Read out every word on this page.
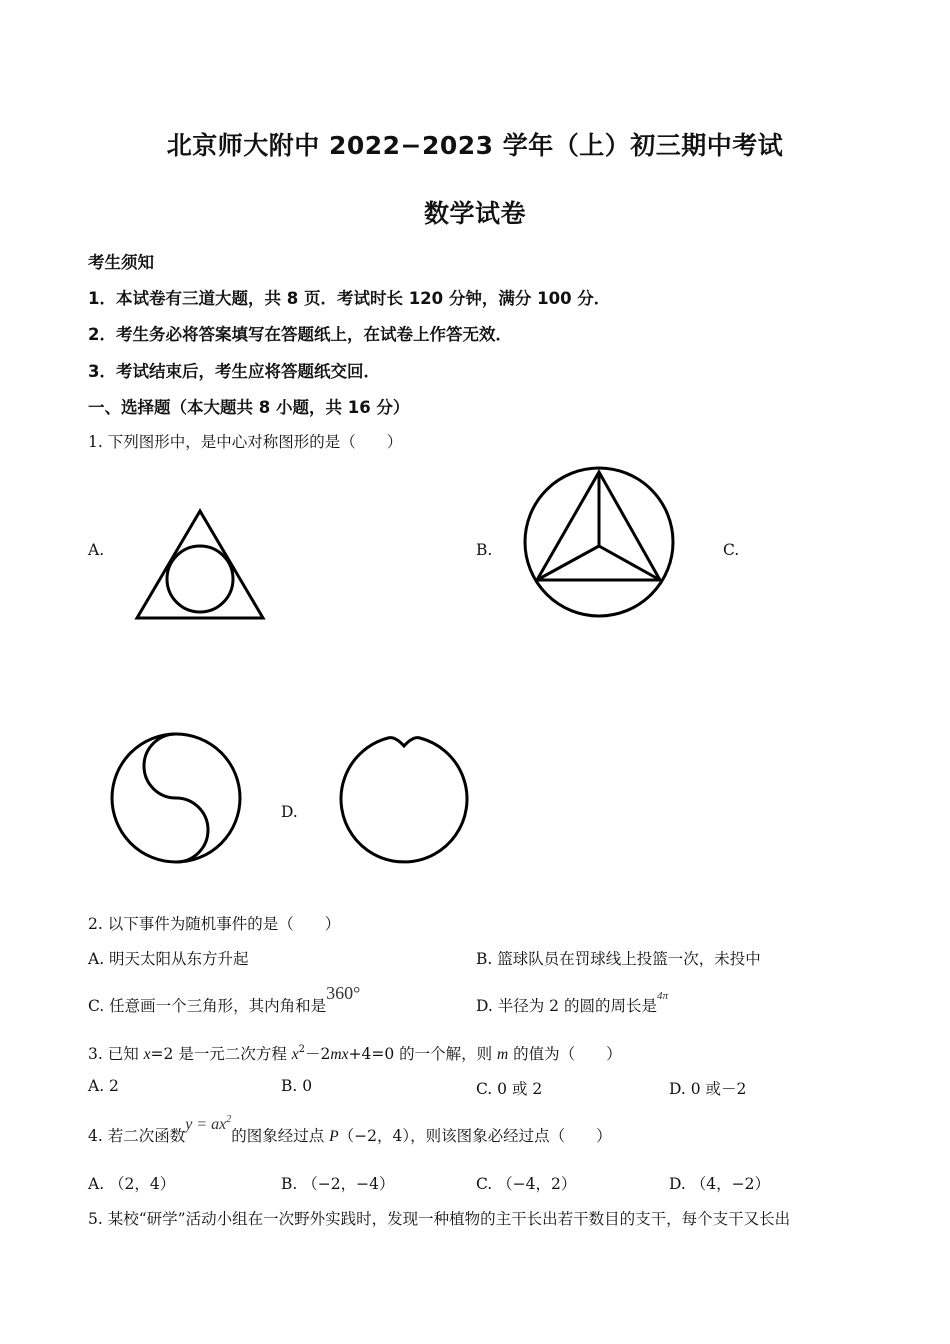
北京师大附中 2022−2023 学年（上）初三期中考试
数学试卷
考生须知
1．本试卷有三道大题，共 8 页．考试时长 120 分钟，满分 100 分．
2．考生务必将答案填写在答题纸上，在试卷上作答无效．
3．考试结束后，考生应将答题纸交回．
一、选择题（本大题共 8 小题，共 16 分）
1. 下列图形中，是中心对称图形的是（　　）
A.	B.	C.
D.
2. 以下事件为随机事件的是（　　）
A. 明天太阳从东方升起	B. 篮球队员在罚球线上投篮一次，未投中
C. 任意画一个三角形，其内角和是360°
D. 半径为 2 的圆的周长是$^{4\pi}$
3. 已知 x=2 是一元二次方程 $x^2-2mx+4=0$ 的一个解，则 m 的值为（　　）
A. 2	B. 0	C. 0 或 2	D. 0 或－2
4. 若二次函数$y = ax^2$的图象经过点 P（−2，4），则该图象必经过点（　　）
A. （2，4）	B. （−2，−4）	C. （−4，2）	D. （4，−2）
5. 某校“研学”活动小组在一次野外实践时，发现一种植物的主干长出若干数目的支干，每个支干又长出
